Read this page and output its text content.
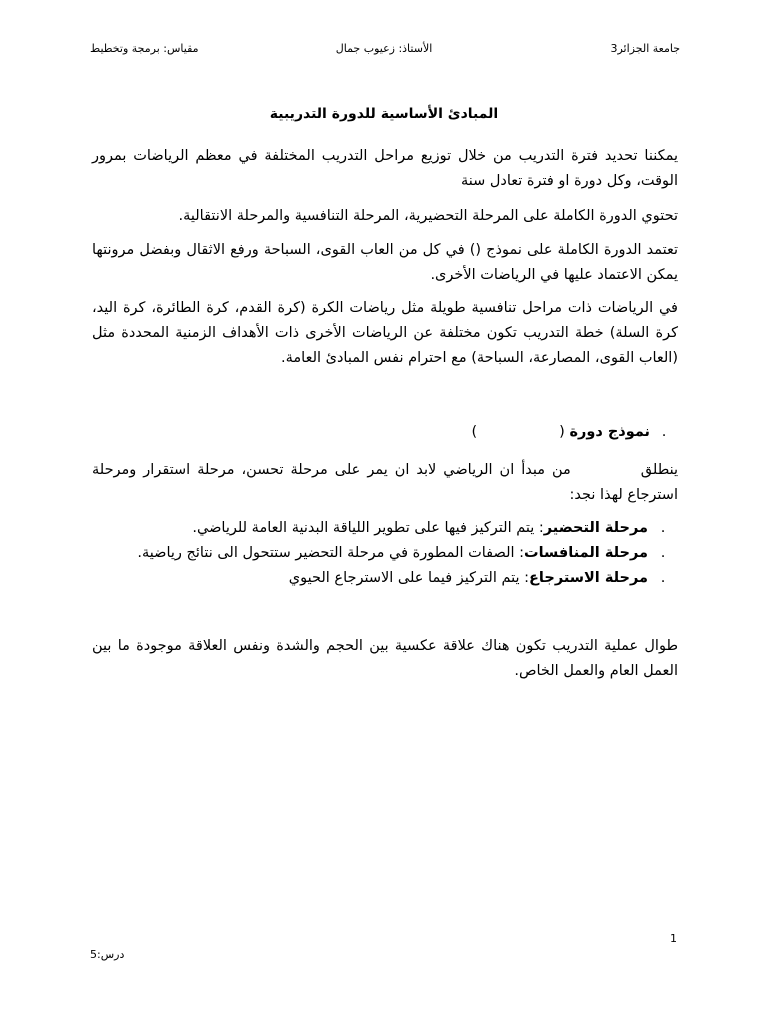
جامعة الجزائر3
الأستاذ: زعيوب جمال
مقياس: برمجة وتخطيط
المبادئ الأساسية للدورة التدريبية

يمكننا تحديد فترة التدريب من خلال توزيع مراحل التدريب المختلفة في معظم الرياضات بمرور الوقت، وكل دورة او فترة تعادل سنة

تحتوي الدورة الكاملة على المرحلة التحضيرية، المرحلة التنافسية والمرحلة الانتقالية.

تعتمد الدورة الكاملة على نموذج () في كل من العاب القوى، السباحة ورفع الاثقال وبفضل مرونتها يمكن الاعتماد عليها في الرياضات الأخرى.

في الرياضات ذات مراحل تنافسية طويلة مثل رياضات الكرة (كرة القدم، كرة الطائرة، كرة اليد، كرة السلة) خطة التدريب تكون مختلفة عن الرياضات الأخرى ذات الأهداف الزمنية المحددة مثل (العاب القوى، المصارعة، السباحة) مع احترام نفس المبادئ العامة.

.نموذج دورة ()

ينطلقمن مبدأ ان الرياضي لابد ان يمر على مرحلة تحسن، مرحلة استقرار ومرحلة استرجاع لهذا نجد:

.
مرحلة التحضير: يتم التركيز فيها على تطوير اللياقة البدنية العامة للرياضي.
.
مرحلة المنافسات: الصفات المطورة في مرحلة التحضير ستتحول الى نتائج رياضية.
.
مرحلة الاسترجاع: يتم التركيز فيما على الاسترجاع الحيوي

طوال عملية التدريب تكون هناك علاقة عكسية بين الحجم والشدة ونفس العلاقة موجودة ما بين العمل العام والعمل الخاص.

1
درس:5
